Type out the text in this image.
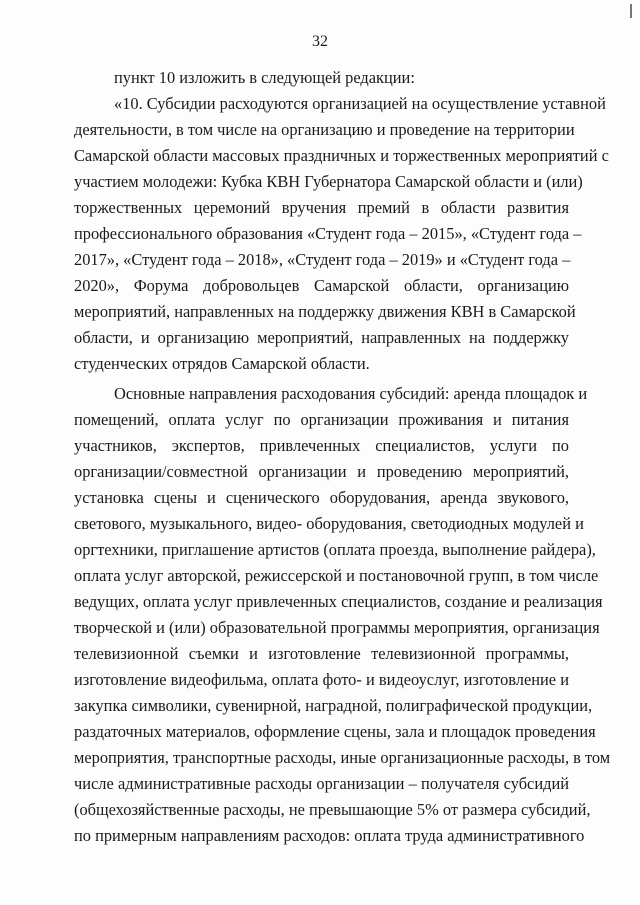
32
пункт 10 изложить в следующей редакции:
«10. Субсидии расходуются организацией на осуществление уставной
деятельности, в том числе на организацию и проведение на территории
Самарской области массовых праздничных и торжественных мероприятий с
участием молодежи: Кубка КВН Губернатора Самарской области и (или)
торжественных церемоний вручения премий в области развития
профессионального образования «Студент года – 2015», «Студент года –
2017», «Студент года – 2018», «Студент года – 2019» и «Студент года –
2020», Форума добровольцев Самарской области, организацию
мероприятий, направленных на поддержку движения КВН в Самарской
области, и организацию мероприятий, направленных на поддержку
студенческих отрядов Самарской области.
Основные направления расходования субсидий: аренда площадок и
помещений, оплата услуг по организации проживания и питания
участников, экспертов, привлеченных специалистов, услуги по
организации/совместной организации и проведению мероприятий,
установка сцены и сценического оборудования, аренда звукового,
светового, музыкального, видео- оборудования, светодиодных модулей и
оргтехники, приглашение артистов (оплата проезда, выполнение райдера),
оплата услуг авторской, режиссерской и постановочной групп, в том числе
ведущих, оплата услуг привлеченных специалистов, создание и реализация
творческой и (или) образовательной программы мероприятия, организация
телевизионной съемки и изготовление телевизионной программы,
изготовление видеофильма, оплата фото- и видеоуслуг, изготовление и
закупка символики, сувенирной, наградной, полиграфической продукции,
раздаточных материалов, оформление сцены, зала и площадок проведения
мероприятия, транспортные расходы, иные организационные расходы, в том
числе административные расходы организации – получателя субсидий
(общехозяйственные расходы, не превышающие 5% от размера субсидий,
по примерным направлениям расходов: оплата труда административного
